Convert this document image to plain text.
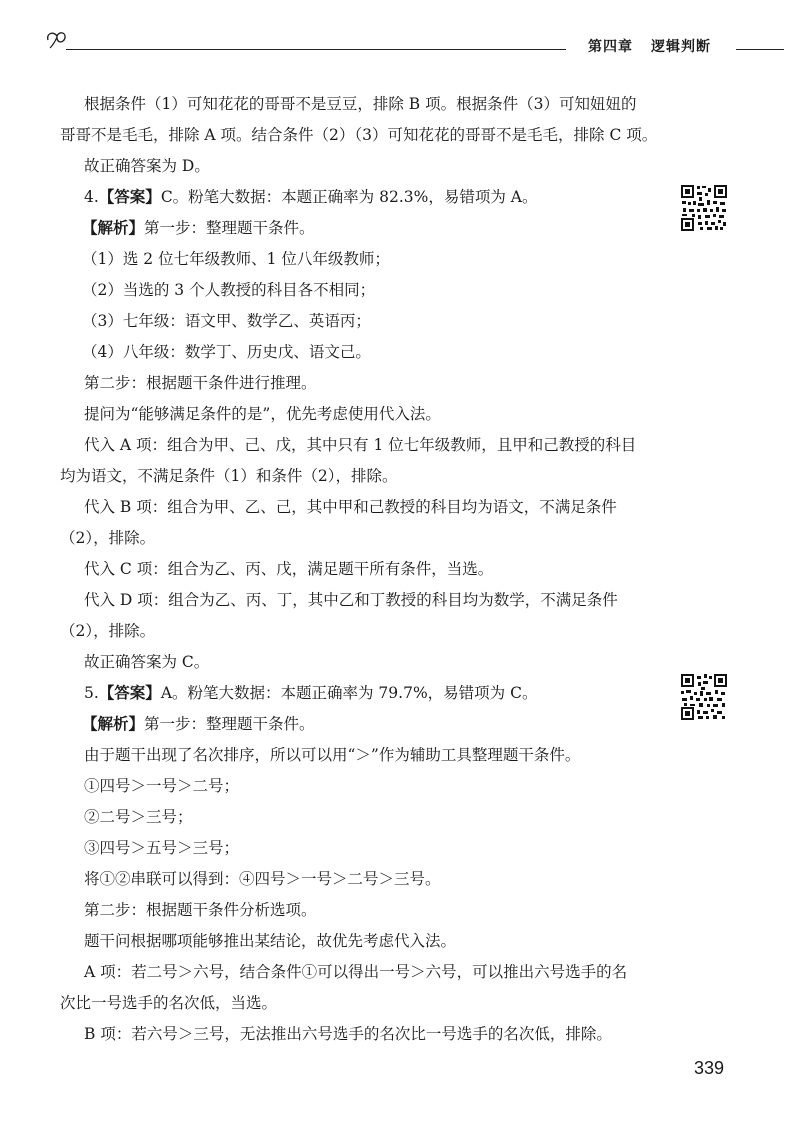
第四章 逻辑判断
根据条件（1）可知花花的哥哥不是豆豆，排除 B 项。根据条件（3）可知妞妞的
哥哥不是毛毛，排除 A 项。结合条件（2）（3）可知花花的哥哥不是毛毛，排除 C 项。
故正确答案为 D。
4.【答案】C。粉笔大数据：本题正确率为 82.3%，易错项为 A。
【解析】第一步：整理题干条件。
（1）选 2 位七年级教师、1 位八年级教师；
（2）当选的 3 个人教授的科目各不相同；
（3）七年级：语文甲、数学乙、英语丙；
（4）八年级：数学丁、历史戊、语文己。
第二步：根据题干条件进行推理。
提问为“能够满足条件的是”，优先考虑使用代入法。
代入 A 项：组合为甲、己、戊，其中只有 1 位七年级教师，且甲和己教授的科目
均为语文，不满足条件（1）和条件（2），排除。
代入 B 项：组合为甲、乙、己，其中甲和己教授的科目均为语文，不满足条件
（2），排除。
代入 C 项：组合为乙、丙、戊，满足题干所有条件，当选。
代入 D 项：组合为乙、丙、丁，其中乙和丁教授的科目均为数学，不满足条件
（2），排除。
故正确答案为 C。
5.【答案】A。粉笔大数据：本题正确率为 79.7%，易错项为 C。
【解析】第一步：整理题干条件。
由于题干出现了名次排序，所以可以用“＞”作为辅助工具整理题干条件。
①四号＞一号＞二号；
②二号＞三号；
③四号＞五号＞三号；
将①②串联可以得到：④四号＞一号＞二号＞三号。
第二步：根据题干条件分析选项。
题干问根据哪项能够推出某结论，故优先考虑代入法。
A 项：若二号＞六号，结合条件①可以得出一号＞六号，可以推出六号选手的名
次比一号选手的名次低，当选。
B 项：若六号＞三号，无法推出六号选手的名次比一号选手的名次低，排除。
339
